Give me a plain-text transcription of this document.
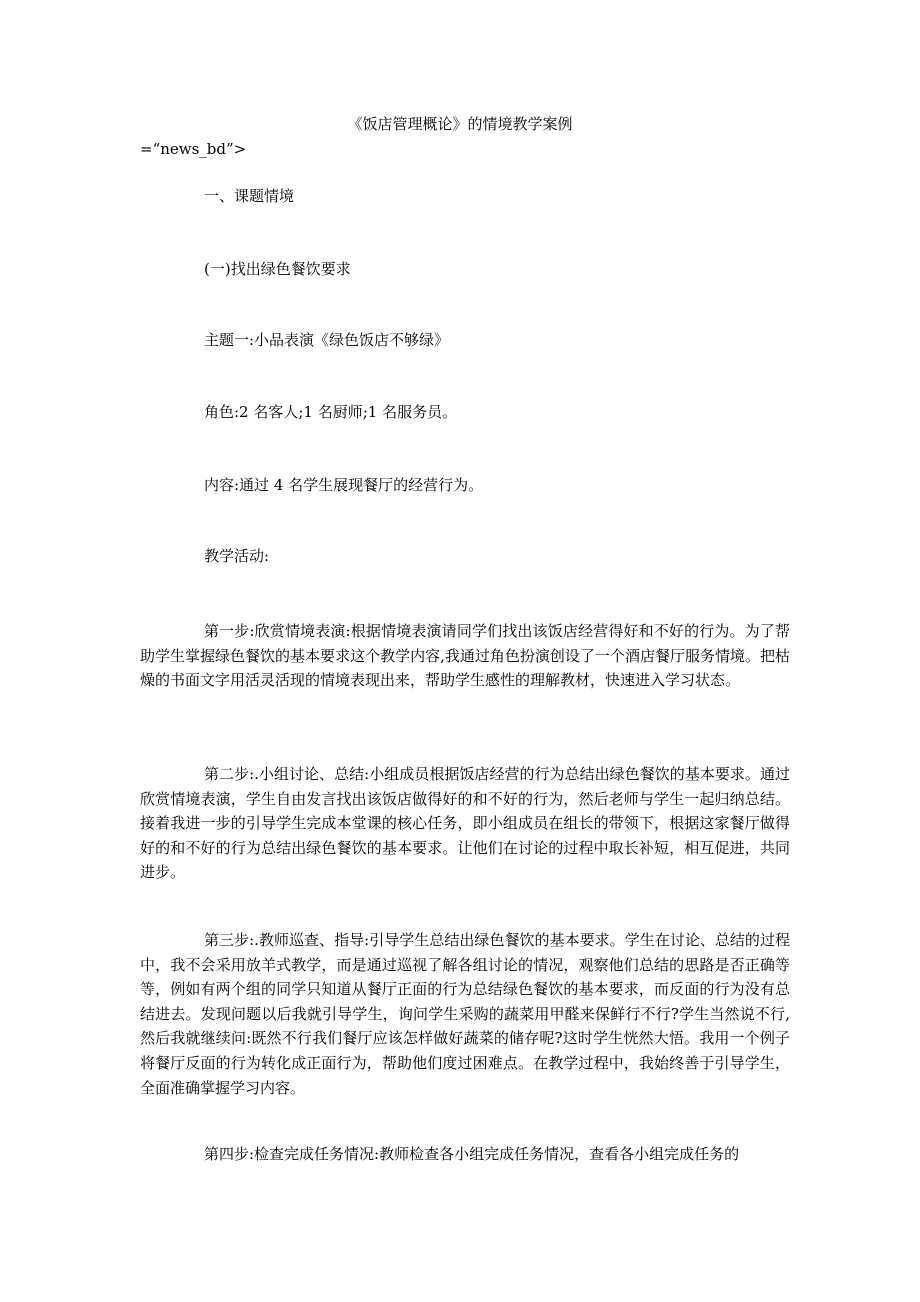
《饭店管理概论》的情境教学案例
=“news_bd”>
一、课题情境
(一)找出绿色餐饮要求
主题一:小品表演《绿色饭店不够绿》
角色:2 名客人;1 名厨师;1 名服务员。
内容:通过 4 名学生展现餐厅的经营行为。
教学活动:

第一步:欣赏情境表演:根据情境表演请同学们找出该饭店经营得好和不好的行为。为了帮助学生掌握绿色餐饮的基本要求这个教学内容,我通过角色扮演创设了一个酒店餐厅服务情境。把枯燥的书面文字用活灵活现的情境表现出来，帮助学生感性的理解教材，快速进入学习状态。

第二步:.小组讨论、总结:小组成员根据饭店经营的行为总结出绿色餐饮的基本要求。通过欣赏情境表演，学生自由发言找出该饭店做得好的和不好的行为，然后老师与学生一起归纳总结。接着我进一步的引导学生完成本堂课的核心任务，即小组成员在组长的带领下，根据这家餐厅做得好的和不好的行为总结出绿色餐饮的基本要求。让他们在讨论的过程中取长补短，相互促进，共同进步。

第三步:.教师巡查、指导:引导学生总结出绿色餐饮的基本要求。学生在讨论、总结的过程中，我不会采用放羊式教学，而是通过巡视了解各组讨论的情况，观察他们总结的思路是否正确等等，例如有两个组的同学只知道从餐厅正面的行为总结绿色餐饮的基本要求，而反面的行为没有总结进去。发现问题以后我就引导学生，询问学生采购的蔬菜用甲醛来保鲜行不行?学生当然说不行,然后我就继续问:既然不行我们餐厅应该怎样做好蔬菜的储存呢?这时学生恍然大悟。我用一个例子将餐厅反面的行为转化成正面行为，帮助他们度过困难点。在教学过程中，我始终善于引导学生，全面准确掌握学习内容。

第四步:检查完成任务情况:教师检查各小组完成任务情况，查看各小组完成任务的
